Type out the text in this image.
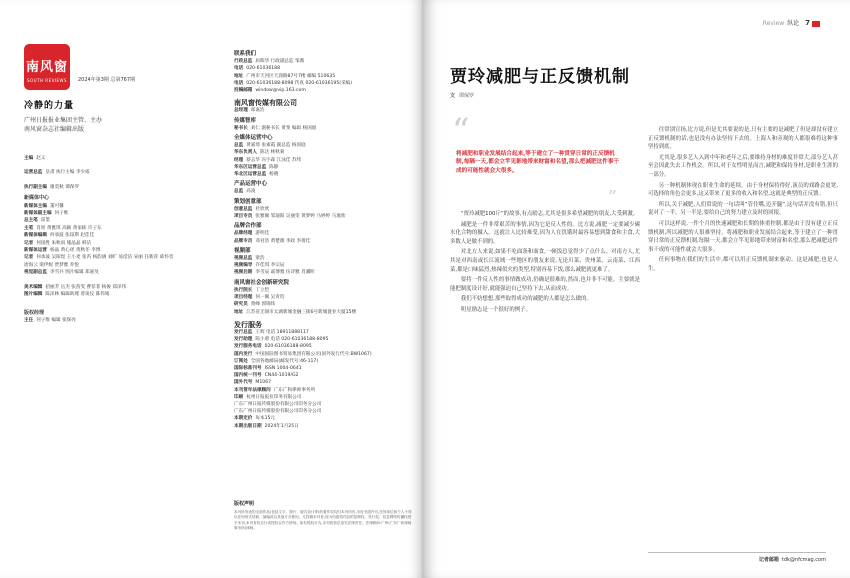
南风窗
SOUTH REVIEWS	2024年第3期 总第767期
冷静的力量
广州日报报业集团主管、主办
南风窗杂志社编辑出版
主编 赵义
运营总监 皇甫 执行主编 李少威
执行副主编 谢奕秋 谭保罗
新媒体中心
新媒体主编 董可馨
新媒体副主编 何子维
总主笔 雷墨
主笔 肖瑶 黄雅琪 高颖 黄家栋 许子东
新媒体编辑 何承波 张琼斯 赵佳佳
记者 何国胜 朱秋雨 施晶晶 韩洁
新媒体运营 杨晶 黄心瑶 黄秋冬 李博
记者 何承波 吴阳煜 王小麦 张芮 杨韵涵 刘旷 易滢洁 宋丽 任新萍 葛怀容
唐海云 梁伊妮 贾梦雅 乔悦
视觉副总监 李雪兵 图片编辑 郑嘉旻
美术编辑 招丽芳 岳杰 张茜雯 曹菲菲 杨俊 郑泽伟
图片编辑 陈泽林 编辑助理 曾谈仪 陈伟娟
版权经理
主任 何子维 编辑 张保亮
联系我们
行政总监 屈晖华 行政副总监 邹薇
电话 020-61036188
地址 广州市天河区天润路87号7楼 邮编 510635
电话 020-61036188-8098 传真 020-61036195(采编)
投稿邮箱 window@vip.163.com
南风窗传媒有限公司
总经理 郑嘉浩
传媒智库
秘书长 刘仁 副秘书长 黄斐 编辑 杨国庭
全媒体运营中心
总监 黄嘉琦 张素霞 副总监 杨国庭
华东负责人 陈达 林秋菊
经理 蔡志华 冯宇森 江泳佳 苏纬
华东区运营总监 陈静
华北区运营总监 杨晓
产品运营中心
总监 高凌
策划创意部
创意总监 杜欣欣
项目专员 张雅佩 邹迪阳 吴丽雯 黄梦婷 马婷婷 马逸欣
品牌合作部
品牌经理 游明佳
品牌专员 邓君浩 黄楚薇 李政 李倩佳
视频部
视频总监 梁浩
视频编导 许佳琪 李宗辰
视频后期 李雪辰 戚博雅 伍诗雅 肖骥昕
南风窗社会创新研究院
执行院长 丁立恺
项目经理 何一佩 吴青钧
研究员 黄峰 郭锦炜
地址 江苏省无锡市太湖新城金融三街6号新城置业大厦15楼
发行服务
发行总监 王辉 电话 18911888117
发行助理 陈小蕾 电话 020-61036188-8095
发行服务电话 020-61036188-8095
国内发行 中国国际图书贸易集团有限公司(国外发行代号:BW1067)
订阅处 全国各地邮局(邮发代号:46-117)
国际标准刊号 ISSN 1004-0641
国内统一刊号 CN44-1019/G2
国外代号 M1067
本刊常年法律顾问 广东广和律师事务所
印刷 杭州日报报业印务有限公司
广东广州日报传媒股份有限公司印务分公司
广东广州日报传媒股份有限公司印务分公司
本期定价 每本15元
本期出版日期 2024年1月25日
版权声明
本刊所发表的全部作品(包括文字、图片、版式设计等)的著作权均归本刊所有,未经书面许可,任何单位和个人不得以任何形式转载、摘编或以其他方式使用。凡投稿本刊者,视为同意将作品的复制权、发行权、信息网络传播权授予本刊,本刊有权自行或授权合作方使用。如有侵权行为,本刊将依法追究法律责任。法律顾问:广州(广东广和律师事务所)律师。
Review 纵论 7
贾玲减肥与正反馈机制
文 谭保罗
“
将减肥和职业发展结合起来,等于建立了一种贯穿日常的正反馈机制,每隔一天,都会立竿见影地带来财富和名望,那么把减肥这件事干成的可能性就会大很多。
”

“贾玲减肥100斤”的故事,有点励志,尤其是很多希望减肥的朋友,大受刺激。

减肥是一件非常艰苦的事情,因为它是反人性的。比方说,减肥一定要减少碳水化合物的摄入。这就让人比较难受,因为人在饥饿时最容易想到甜食和主食,大多数人是做不到的。

对北方人来说,如果不吃面条和面食,一顿饭总觉得少了点什么。对南方人,尤其是对西南或长江流域一些地区的朋友来说,无论川菜、贵州菜、云南菜、江西菜,都是口味猛烈,热辣似火的类型,特别容易下饭,那么减肥就更难了。

要将一件反人性的事情做成功,仍确是很难的,然而,也并非不可能。主要就是能把制度设计好,就能强迫自己坚持下去,从而成功。

我们不妨想想,那些取得成功的减肥的人都是怎么做的。

明星励志是一个很好的例子。

往常别宣扬,比方说,但是尤其要说的是,只有主要的是减肥了但是却没有建立正反馈机制的话,也是没有办法坚持下去的。上海人和旁观的人都很难将这种事坚持到底。

尤其是,很多艺人入到中年和老年之后,要维持身材的难度非常大,部分艺人甚至会因此失去工作机会。所以,对于女性明星而言,减肥和保持身材,是职业生涯的一部分。

另一种机制体现在职业生命的延续。由于身材保持得好,演员的戏路会更宽,可选择的角色会更多,这又带来了更多的收入和名望,这就是典型的正反馈。

所以,关于减肥,人们常说的一句话叫“管住嘴,迈开腿”,这句话并没有错,但只说对了一半。另一半是,要给自己的努力建立及时的回报。

可以这样说,一件个月的快速减肥和长期的体重控制,都是由于没有建立正反馈机制,所以减肥的人很难坚持。将减肥和职业发展结合起来,等于建立了一种贯穿日常的正反馈机制,每隔一天,都会立竿见影地带来财富和名望,那么把减肥这件事干成的可能性就会大很多。

任何事物在我们的生活中,都可以用正反馈机制来驱动。这是减肥,也是人生。

记者邮箱 tdk@nfcmag.com
